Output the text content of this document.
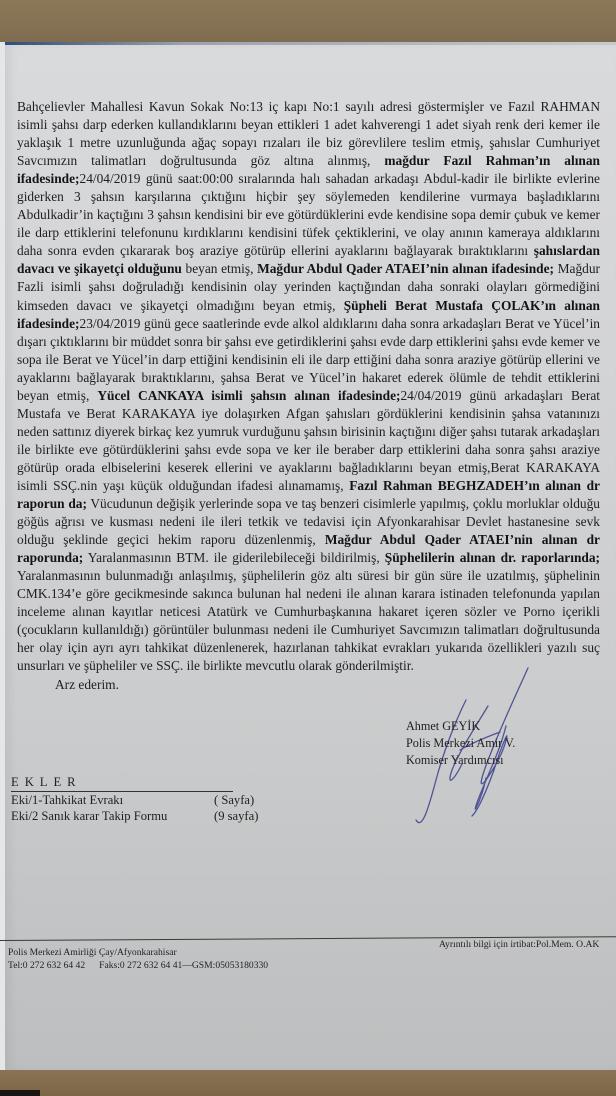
Bahçelievler Mahallesi Kavun Sokak No:13 iç kapı No:1 sayılı adresi göstermişler ve Fazıl RAHMAN isimli şahsı darp ederken kullandıklarını beyan ettikleri 1 adet kahverengi 1 adet siyah renk deri kemer ile yaklaşık 1 metre uzunluğunda ağaç sopayı rızaları ile biz görevlilere teslim etmiş, şahıslar Cumhuriyet Savcımızın talimatları doğrultusunda göz altına alınmış, mağdur Fazıl Rahman’ın alınan ifadesinde;24/04/2019 günü saat:00:00 sıralarında halı sahadan arkadaşı Abdul-kadir ile birlikte evlerine giderken 3 şahsın karşılarına çıktığını hiçbir şey söylemeden kendilerine vurmaya başladıklarını Abdulkadir’in kaçtığını 3 şahsın kendisini bir eve götürdüklerini evde kendisine sopa demir çubuk ve kemer ile darp ettiklerini telefonunu kırdıklarını kendisini tüfek çektiklerini, ve olay anının kameraya aldıklarını daha sonra evden çıkararak boş araziye götürüp ellerini ayaklarını bağlayarak bıraktıklarını şahıslardan davacı ve şikayetçi olduğunu beyan etmiş, Mağdur Abdul Qader ATAEI’nin alınan ifadesinde; Mağdur Fazli isimli şahsı doğruladığı kendisinin olay yerinden kaçtığından daha sonraki olayları görmediğini kimseden davacı ve şikayetçi olmadığını beyan etmiş, Şüpheli Berat Mustafa ÇOLAK’ın alınan ifadesinde;23/04/2019 günü gece saatlerinde evde alkol aldıklarını daha sonra arkadaşları Berat ve Yücel’in dışarı çıktıklarını bir müddet sonra bir şahsı eve getirdiklerini şahsı evde darp ettiklerini şahsı evde kemer ve sopa ile Berat ve Yücel’in darp ettiğini kendisinin eli ile darp ettiğini daha sonra araziye götürüp ellerini ve ayaklarını bağlayarak bıraktıklarını, şahsa Berat ve Yücel’in hakaret ederek ölümle de tehdit ettiklerini beyan etmiş, Yücel CANKAYA isimli şahsın alınan ifadesinde;24/04/2019 günü arkadaşları Berat Mustafa ve Berat KARAKAYA iye dolaşırken Afgan şahısları gördüklerini kendisinin şahsa vatanınızı neden sattınız diyerek birkaç kez yumruk vurduğunu şahsın birisinin kaçtığını diğer şahsı tutarak arkadaşları ile birlikte eve götürdüklerini şahsı evde sopa ve ker ile beraber darp ettiklerini daha sonra şahsı araziye götürüp orada elbiselerini keserek ellerini ve ayaklarını bağladıklarını beyan etmiş,Berat KARAKAYA isimli SSÇ.nin yaşı küçük olduğundan ifadesi alınamamış, Fazıl Rahman BEGHZADEH’ın alınan dr raporun da; Vücudunun değişik yerlerinde sopa ve taş benzeri cisimlerle yapılmış, çoklu morluklar olduğu göğüs ağrısı ve kusması nedeni ile ileri tetkik ve tedavisi için Afyonkarahisar Devlet hastanesine sevk olduğu şeklinde geçici hekim raporu düzenlenmiş, Mağdur Abdul Qader ATAEI’nin alınan dr raporunda; Yaralanmasının BTM. ile giderilebileceği bildirilmiş, Şüphelilerin alınan dr. raporlarında; Yaralanmasının bulunmadığı anlaşılmış, şüphelilerin göz altı süresi bir gün süre ile uzatılmış, şüphelinin CMK.134’e göre gecikmesinde sakınca bulunan hal nedeni ile alınan karara istinaden telefonunda yapılan inceleme alınan kayıtlar neticesi Atatürk ve Cumhurbaşkanına hakaret içeren sözler ve Porno içerikli (çocukların kullanıldığı) görüntüler bulunması nedeni ile Cumhuriyet Savcımızın talimatları doğrultusunda her olay için ayrı ayrı tahkikat düzenlenerek, hazırlanan tahkikat evrakları yukarıda özellikleri yazılı suç unsurları ve şüpheliler ve SSÇ. ile birlikte mevcutlu olarak gönderilmiştir.

Arz ederim.
Ahmet GEYİK
Polis Merkezi Amir V.
Komiser Yardımcısı
EKLER
Eki/1-Tahkikat Evrakı	( Sayfa)
Eki/2 Sanık karar Takip Formu	(9 sayfa)
Ayrıntılı bilgi için irtibat:Pol.Mem. O.AK
Polis Merkezi Amirliği Çay/Afyonkarahisar
Tel:0 272 632 64 42 Faks:0 272 632 64 41—GSM:05053180330
